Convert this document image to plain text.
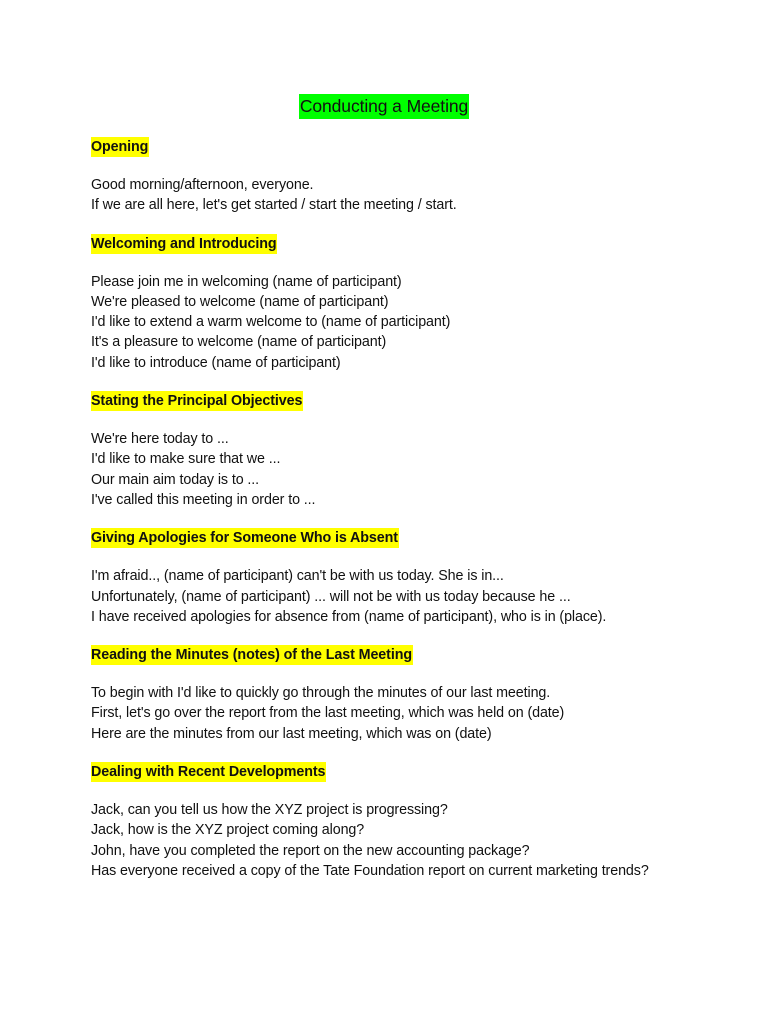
Conducting a Meeting
Opening
Good morning/afternoon, everyone.
If we are all here, let's get started / start the meeting / start.
Welcoming and Introducing
Please join me in welcoming (name of participant)
We're pleased to welcome (name of participant)
I'd like to extend a warm welcome to (name of participant)
It's a pleasure to welcome (name of participant)
I'd like to introduce (name of participant)
Stating the Principal Objectives
We're here today to ...
I'd like to make sure that we ...
Our main aim today is to ...
I've called this meeting in order to ...
Giving Apologies for Someone Who is Absent
I'm afraid.., (name of participant) can't be with us today. She is in...
Unfortunately, (name of participant) ... will not be with us today because he ...
I have received apologies for absence from (name of participant), who is in (place).
Reading the Minutes (notes) of the Last Meeting
To begin with I'd like to quickly go through the minutes of our last meeting.
First, let's go over the report from the last meeting, which was held on (date)
Here are the minutes from our last meeting, which was on (date)
Dealing with Recent Developments
Jack, can you tell us how the XYZ project is progressing?
Jack, how is the XYZ project coming along?
John, have you completed the report on the new accounting package?
Has everyone received a copy of the Tate Foundation report on current marketing trends?
